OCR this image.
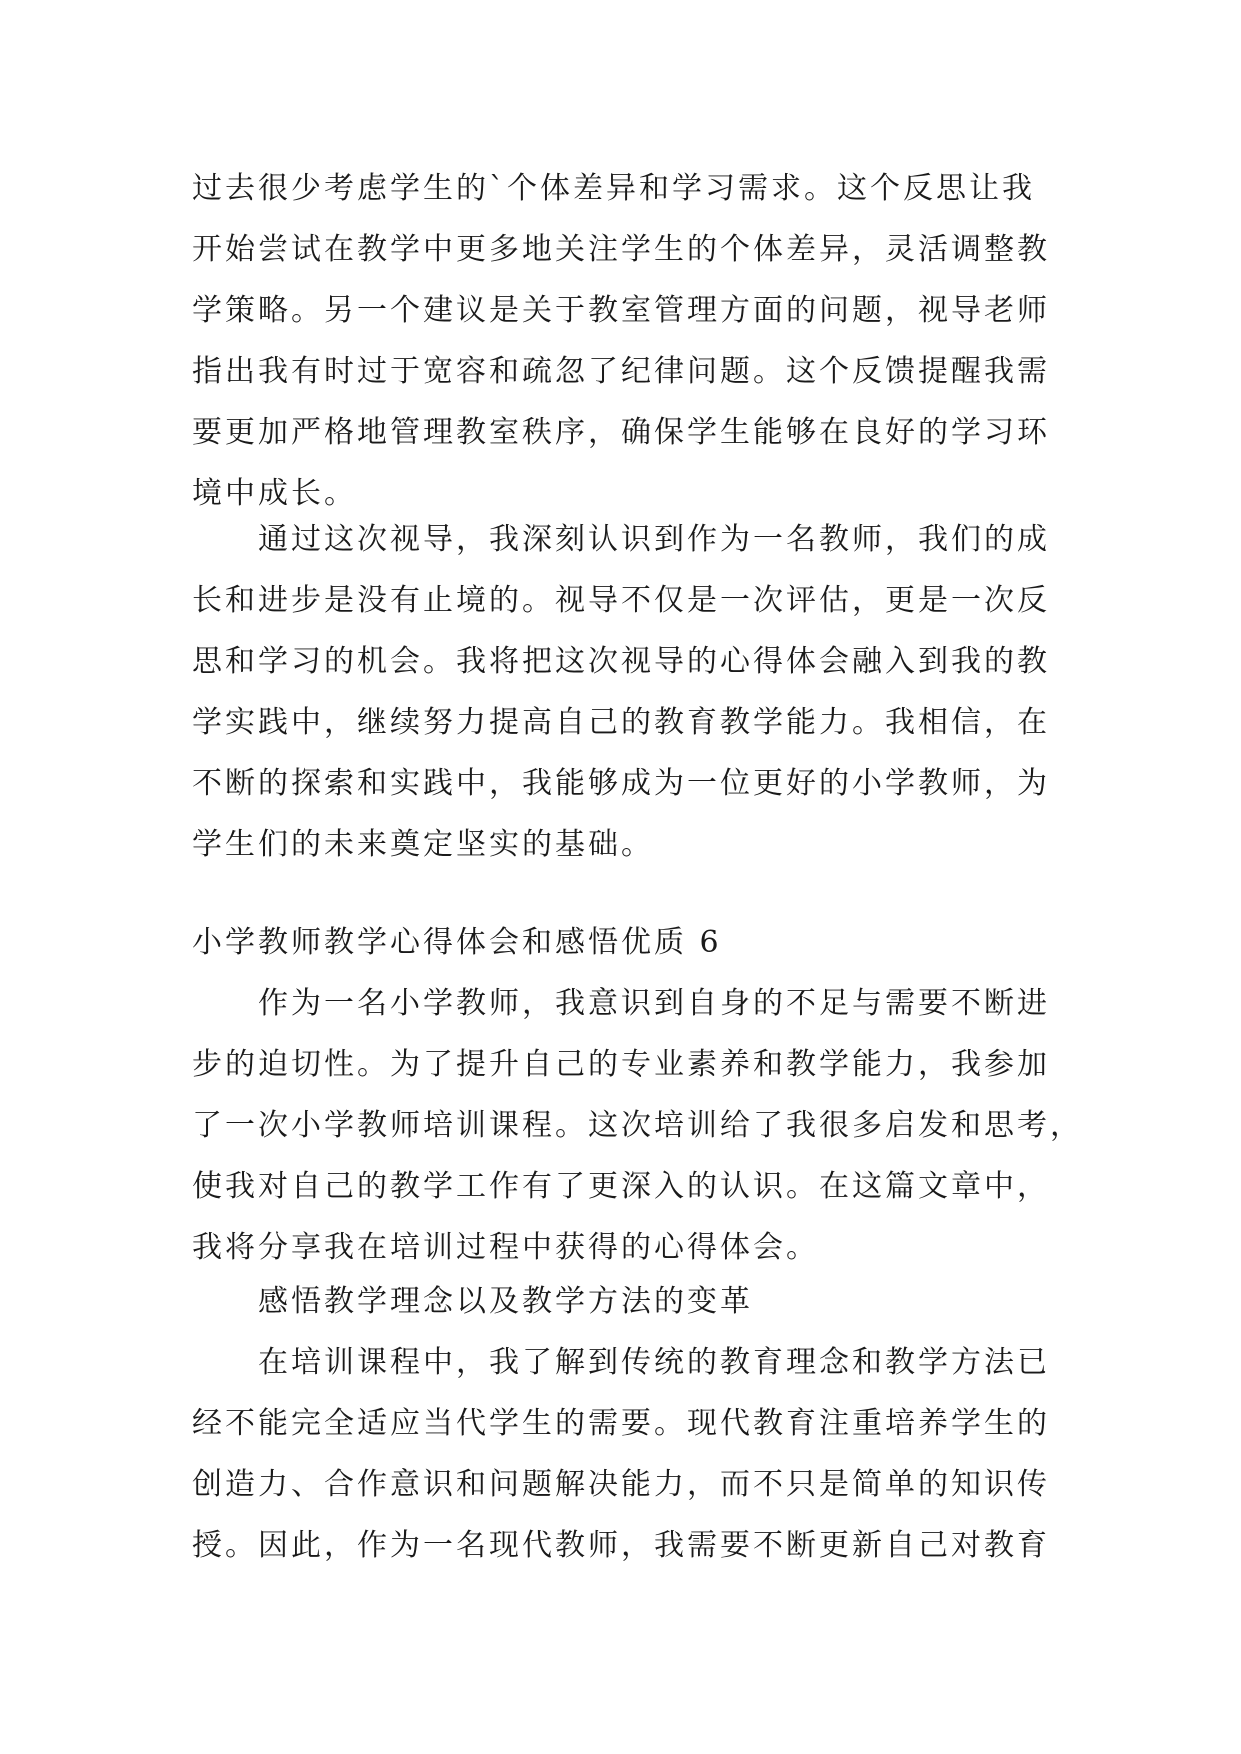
过去很少考虑学生的`个体差异和学习需求。这个反思让我
开始尝试在教学中更多地关注学生的个体差异，灵活调整教
学策略。另一个建议是关于教室管理方面的问题，视导老师
指出我有时过于宽容和疏忽了纪律问题。这个反馈提醒我需
要更加严格地管理教室秩序，确保学生能够在良好的学习环
境中成长。
通过这次视导，我深刻认识到作为一名教师，我们的成
长和进步是没有止境的。视导不仅是一次评估，更是一次反
思和学习的机会。我将把这次视导的心得体会融入到我的教
学实践中，继续努力提高自己的教育教学能力。我相信，在
不断的探索和实践中，我能够成为一位更好的小学教师，为
学生们的未来奠定坚实的基础。
小学教师教学心得体会和感悟优质 6
作为一名小学教师，我意识到自身的不足与需要不断进
步的迫切性。为了提升自己的专业素养和教学能力，我参加
了一次小学教师培训课程。这次培训给了我很多启发和思考，
使我对自己的教学工作有了更深入的认识。在这篇文章中，
我将分享我在培训过程中获得的心得体会。
感悟教学理念以及教学方法的变革
在培训课程中，我了解到传统的教育理念和教学方法已
经不能完全适应当代学生的需要。现代教育注重培养学生的
创造力、合作意识和问题解决能力，而不只是简单的知识传
授。因此，作为一名现代教师，我需要不断更新自己对教育
